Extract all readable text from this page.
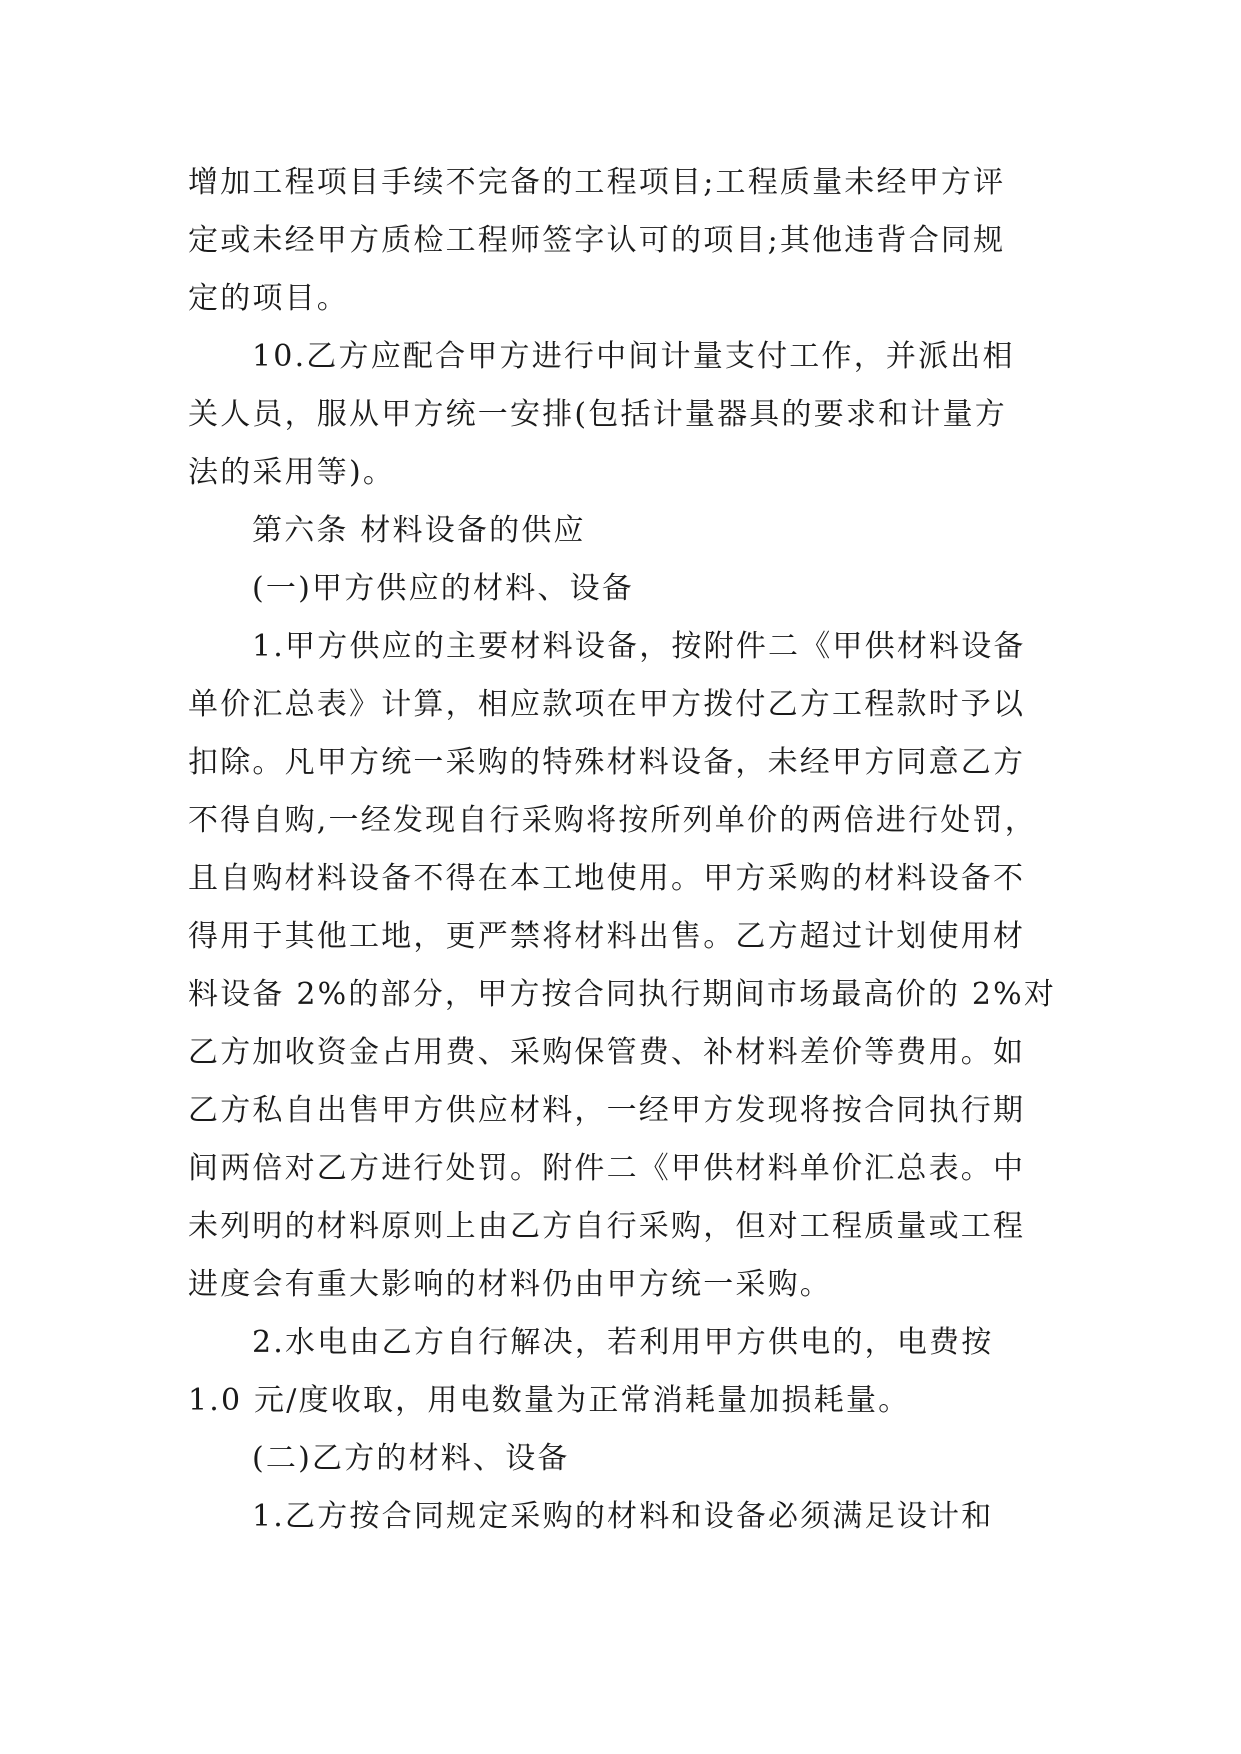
增加工程项目手续不完备的工程项目;工程质量未经甲方评
定或未经甲方质检工程师签字认可的项目;其他违背合同规
定的项目。
10.乙方应配合甲方进行中间计量支付工作，并派出相
关人员，服从甲方统一安排(包括计量器具的要求和计量方
法的采用等)。
第六条 材料设备的供应
(一)甲方供应的材料、设备
1.甲方供应的主要材料设备，按附件二《甲供材料设备
单价汇总表》计算，相应款项在甲方拨付乙方工程款时予以
扣除。凡甲方统一采购的特殊材料设备，未经甲方同意乙方
不得自购,一经发现自行采购将按所列单价的两倍进行处罚，
且自购材料设备不得在本工地使用。甲方采购的材料设备不
得用于其他工地，更严禁将材料出售。乙方超过计划使用材
料设备 2%的部分，甲方按合同执行期间市场最高价的 2%对
乙方加收资金占用费、采购保管费、补材料差价等费用。如
乙方私自出售甲方供应材料，一经甲方发现将按合同执行期
间两倍对乙方进行处罚。附件二《甲供材料单价汇总表。中
未列明的材料原则上由乙方自行采购，但对工程质量或工程
进度会有重大影响的材料仍由甲方统一采购。
2.水电由乙方自行解决，若利用甲方供电的，电费按
1.0 元/度收取，用电数量为正常消耗量加损耗量。
(二)乙方的材料、设备
1.乙方按合同规定采购的材料和设备必须满足设计和
